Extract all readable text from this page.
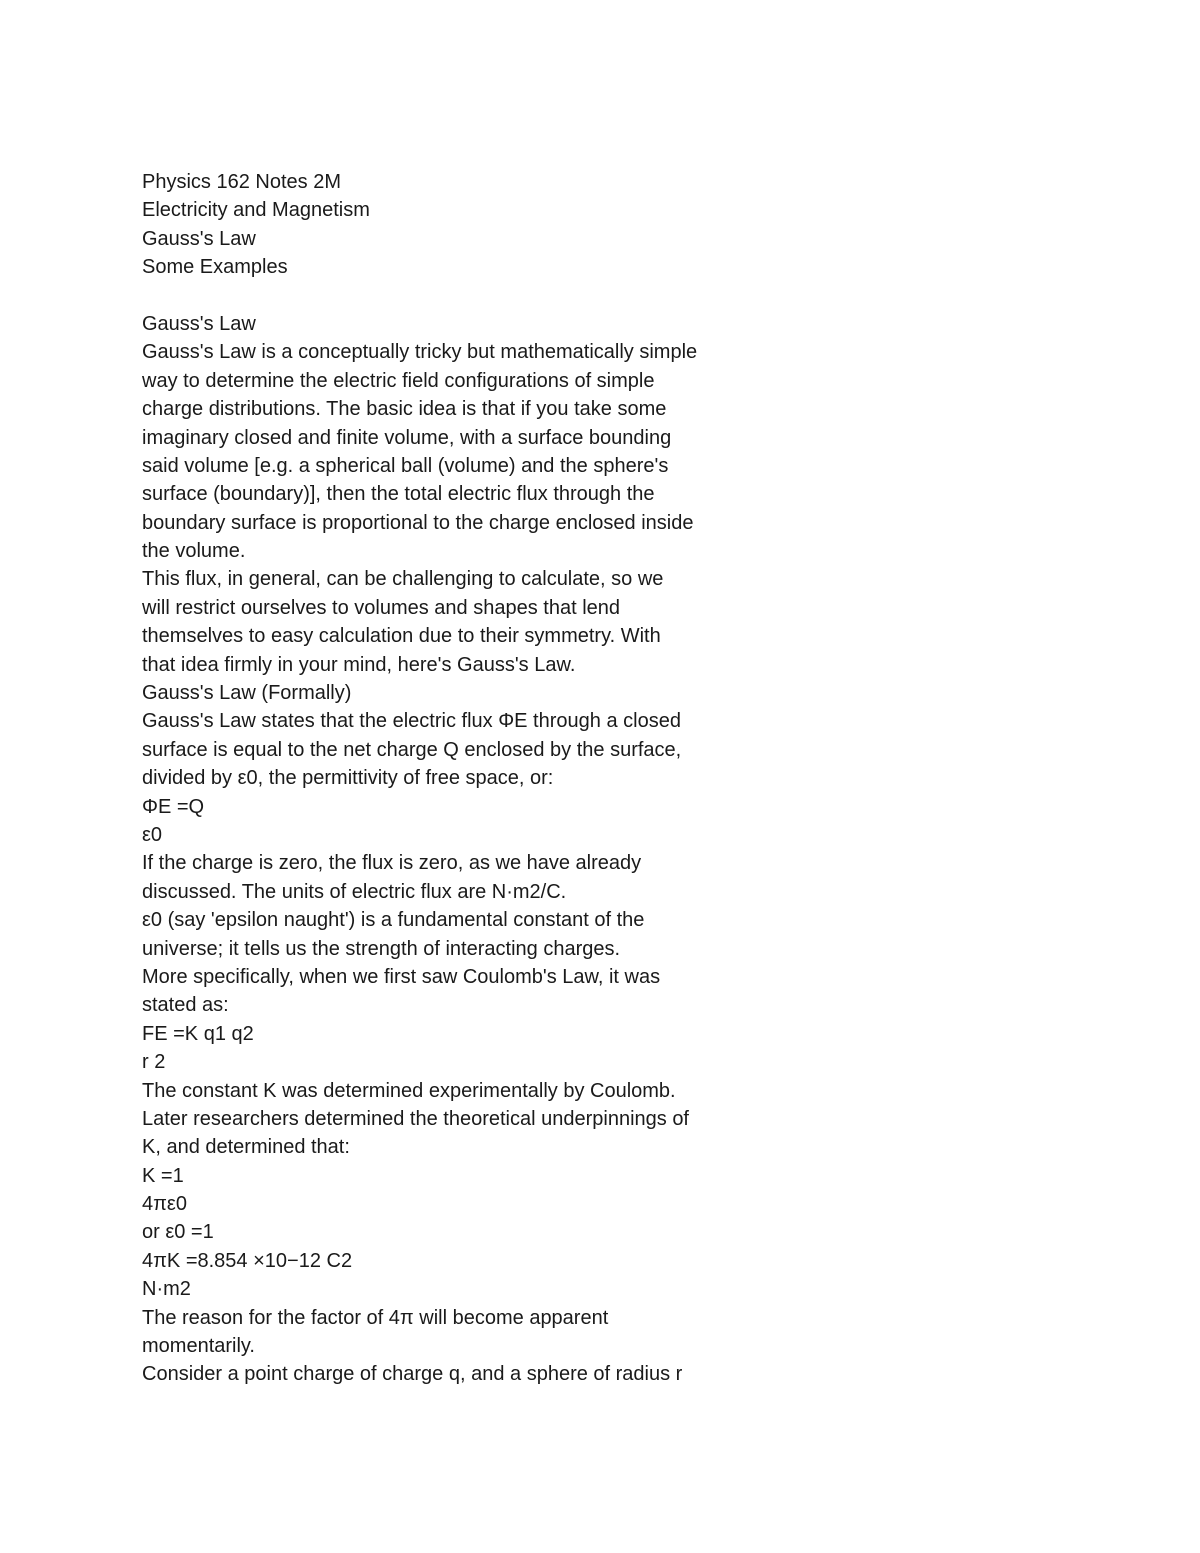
Physics 162 Notes 2M
Electricity and Magnetism
Gauss's Law
Some Examples
Gauss's Law
Gauss's Law is a conceptually tricky but mathematically simple
way to determine the electric field configurations of simple
charge distributions. The basic idea is that if you take some
imaginary closed and finite volume, with a surface bounding
said volume [e.g. a spherical ball (volume) and the sphere's
surface (boundary)], then the total electric flux through the
boundary surface is proportional to the charge enclosed inside
the volume.
This flux, in general, can be challenging to calculate, so we
will restrict ourselves to volumes and shapes that lend
themselves to easy calculation due to their symmetry. With
that idea firmly in your mind, here's Gauss's Law.
Gauss's Law (Formally)
Gauss's Law states that the electric flux ΦE through a closed
surface is equal to the net charge Q enclosed by the surface,
divided by ε0, the permittivity of free space, or:
ΦE =Q
ε0
If the charge is zero, the flux is zero, as we have already
discussed. The units of electric flux are N·m2/C.
ε0 (say 'epsilon naught') is a fundamental constant of the
universe; it tells us the strength of interacting charges.
More specifically, when we first saw Coulomb's Law, it was
stated as:
FE =K q1 q2
r 2
The constant K was determined experimentally by Coulomb.
Later researchers determined the theoretical underpinnings of
K, and determined that:
K =1
4πε0
or ε0 =1
4πK =8.854 ×10−12 C2
N·m2
The reason for the factor of 4π will become apparent
momentarily.
Consider a point charge of charge q, and a sphere of radius r
